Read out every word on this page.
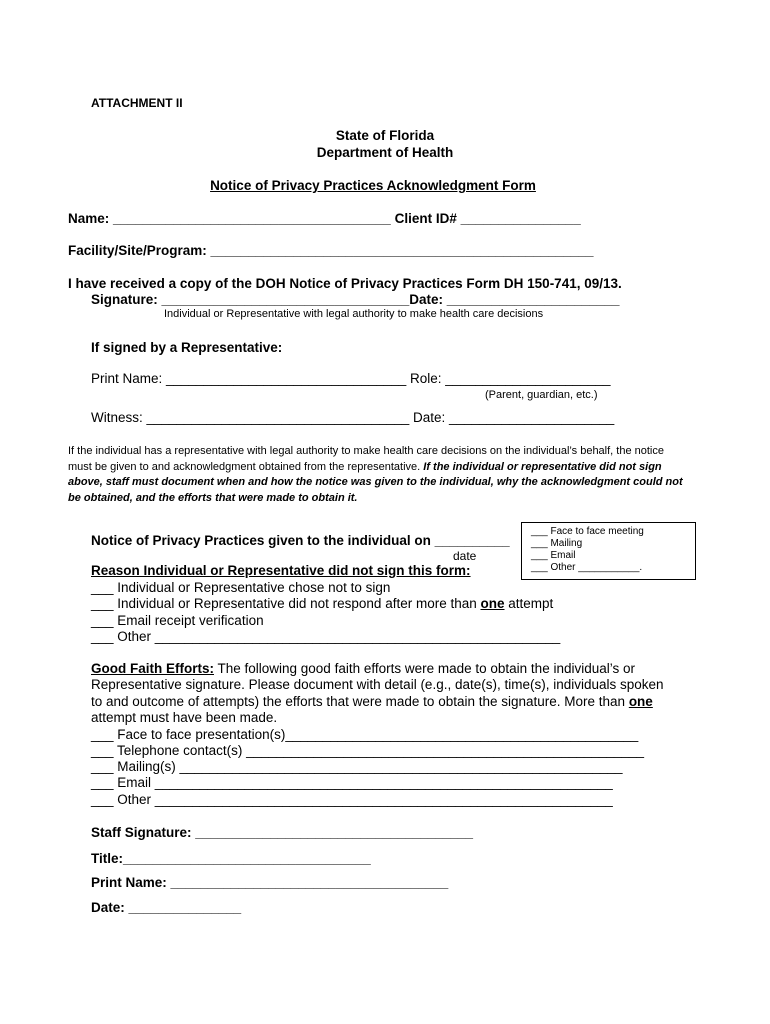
ATTACHMENT II
State of Florida
Department of Health
Notice of Privacy Practices Acknowledgment Form
Name: _____________________________________ Client ID# ________________
Facility/Site/Program: ___________________________________________________
I have received a copy of the DOH Notice of Privacy Practices Form DH 150-741, 09/13.
Signature: _________________________________Date: _______________________
Individual or Representative with legal authority to make health care decisions
If signed by a Representative:
Print Name: ________________________________ Role: ______________________
(Parent, guardian, etc.)
Witness: ___________________________________ Date: ______________________
If the individual has a representative with legal authority to make health care decisions on the individual’s behalf, the notice must be given to and acknowledgment obtained from the representative. If the individual or representative did not sign above, staff must document when and how the notice was given to the individual, why the acknowledgment could not be obtained, and the efforts that were made to obtain it.
Notice of Privacy Practices given to the individual on __________
date
___ Face to face meeting
___ Mailing
___ Email
___ Other ___________.
Reason Individual or Representative did not sign this form:
___ Individual or Representative chose not to sign
___ Individual or Representative did not respond after more than one attempt
___ Email receipt verification
___ Other ______________________________________________________
Good Faith Efforts: The following good faith efforts were made to obtain the individual’s or Representative signature. Please document with detail (e.g., date(s), time(s), individuals spoken to and outcome of attempts) the efforts that were made to obtain the signature. More than one attempt must have been made.
___ Face to face presentation(s)_______________________________________________
___ Telephone contact(s) _____________________________________________________
___ Mailing(s) ___________________________________________________________
___ Email _____________________________________________________________
___ Other _____________________________________________________________
Staff Signature: _____________________________________
Title:_________________________________
Print Name: _____________________________________
Date: _______________
